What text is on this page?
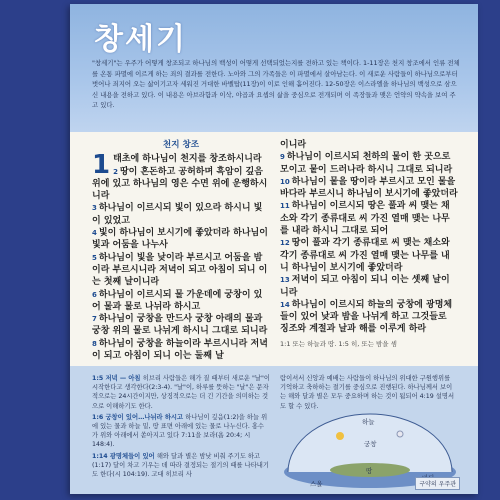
창세기
"창세기"는 우주가 어떻게 창조되고 하나님의 백성이 어떻게 선택되었는지를 전하고 있는 책이다. 1-11장은 천지 창조에서 인류 전체를 온통 파멸에 이르게 하는 죄의 결과를 전한다. 노아와 그의 가족들은 이 파멸에서 살아남는다. 이 새로운 사람들이 하나님으로부터 벗어나 죄지어 오는 삶이기고자 세워진 거대한 바벨탑(11장)이 이로 인해 흩어진다. 12-50장은 이스라엘을 하나님의 백성으로 삼으신 내용을 전하고 있다. 이 내용은 아브라함과 이삭, 야곱과 요셉의 삶을 중심으로 전개되며 이 족장들과 맺은 언약의 약속을 보여 주고 있다.
천지 창조

1 태초에 하나님이 천지를 창조하시니라

2 땅이 혼돈하고 공허하며 흑암이 깊음 위에 있고 하나님의 영은 수면 위에 운행하시니라

3 하나님이 이르시되 빛이 있으라 하시니 빛이 있었고

4 빛이 하나님이 보시기에 좋았더라 하나님이 빛과 어둠을 나누사

5 하나님이 빛을 낮이라 부르시고 어둠을 밤이라 부르시니라 저녁이 되고 아침이 되니 이는 첫째 날이니라

6 하나님이 이르시되 물 가운데에 궁창이 있어 물과 물로 나뉘라 하시고

7 하나님이 궁창을 만드사 궁창 아래의 물과 궁창 위의 물로 나뉘게 하시니 그대로 되니라

8 하나님이 궁창을 하늘이라 부르시니라 저녁이 되고 아침이 되니 이는 둘째 날

이니라

9 하나님이 이르시되 천하의 물이 한 곳으로 모이고 뭍이 드러나라 하시니 그대로 되니라

10 하나님이 뭍을 땅이라 부르시고 모인 물을 바다라 부르시니 하나님이 보시기에 좋았더라

11 하나님이 이르시되 땅은 풀과 씨 맺는 채소와 각기 종류대로 씨 가진 열매 맺는 나무를 내라 하시니 그대로 되어

12 땅이 풀과 각기 종류대로 씨 맺는 채소와 각기 종류대로 씨 가진 열매 맺는 나무를 내니 하나님이 보시기에 좋았더라

13 저녁이 되고 아침이 되니 이는 셋째 날이니라

14 하나님이 이르시되 하늘의 궁창에 광명체들이 있어 낮과 밤을 나뉘게 하고 그것들로 징조와 계절과 날과 해를 이루게 하라

1:1 또는 하늘과 땅. 1:5 히, 또는 밤을 셈
1:5 저녁 — 아침 히브리 사람들은 해가 질 때부터 새로운 "날"이 시작한다고 생각한다(2:3-4). "날"이, 하루를 뜻하는 "날"은 문자적으로는 24시간이지만, 상징적으로는 더 긴 기간을 의미하는 것으로 이해하기도 한다.
1:6 궁창이 있어…나뉘라 하시고 하나님이 깊음(1:2)을 하늘 위에 있는 물과 하늘 밑, 땅 표면 아래에 있는 물로 나누신다. 홍수가 위와 아래에서 쏟아지고 있다 7:11을 보라(욥 20:4; 시 148:4).
1:14 광명체들이 있어 해와 달과 별은 밤낮 비춰 주기도 하고(1:17) 달이 차고 기우는 데 따라 결정되는 절기의 때를 나타내기도 한다(시 104:19). 고대 히브리 사
람이셔서 신앙과 예배는 사람들이 하나님의 위대한 구원행위를 기억하고 축하하는 절기를 중심으로 진행된다. 하나님께서 보이는 해와 달과 별은 모두 중요하며 하는 것이 됨되어 4:19 설명서 도 할 수 있다.
하늘
궁창
땅
스올	구약의 우주관
